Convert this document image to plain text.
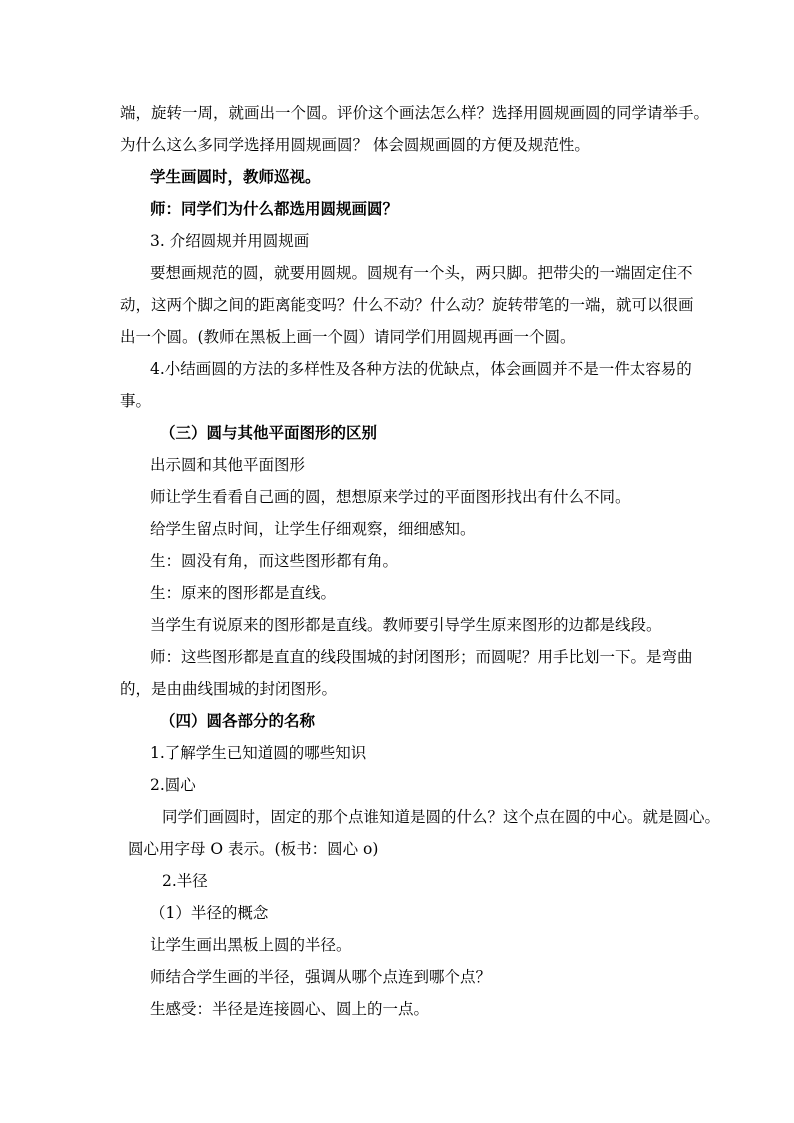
端，旋转一周，就画出一个圆。评价这个画法怎么样？选择用圆规画圆的同学请举手。
为什么这么多同学选择用圆规画圆？ 体会圆规画圆的方便及规范性。
学生画圆时，教师巡视。
师：同学们为什么都选用圆规画圆？
3. 介绍圆规并用圆规画
要想画规范的圆，就要用圆规。圆规有一个头，两只脚。把带尖的一端固定住不
动，这两个脚之间的距离能变吗？什么不动？什么动？旋转带笔的一端，就可以很画
出一个圆。(教师在黑板上画一个圆）请同学们用圆规再画一个圆。
4.小结画圆的方法的多样性及各种方法的优缺点，体会画圆并不是一件太容易的
事。
（三）圆与其他平面图形的区别
出示圆和其他平面图形
师让学生看看自己画的圆，想想原来学过的平面图形找出有什么不同。
给学生留点时间，让学生仔细观察，细细感知。
生：圆没有角，而这些图形都有角。
生：原来的图形都是直线。
当学生有说原来的图形都是直线。教师要引导学生原来图形的边都是线段。
师：这些图形都是直直的线段围城的封闭图形；而圆呢？用手比划一下。是弯曲
的，是由曲线围城的封闭图形。
（四）圆各部分的名称
1.了解学生已知道圆的哪些知识
2.圆心
同学们画圆时，固定的那个点谁知道是圆的什么？这个点在圆的中心。就是圆心。
圆心用字母 O 表示。(板书：圆心 o)
2.半径
（1）半径的概念
让学生画出黑板上圆的半径。
师结合学生画的半径，强调从哪个点连到哪个点？
生感受：半径是连接圆心、圆上的一点。
